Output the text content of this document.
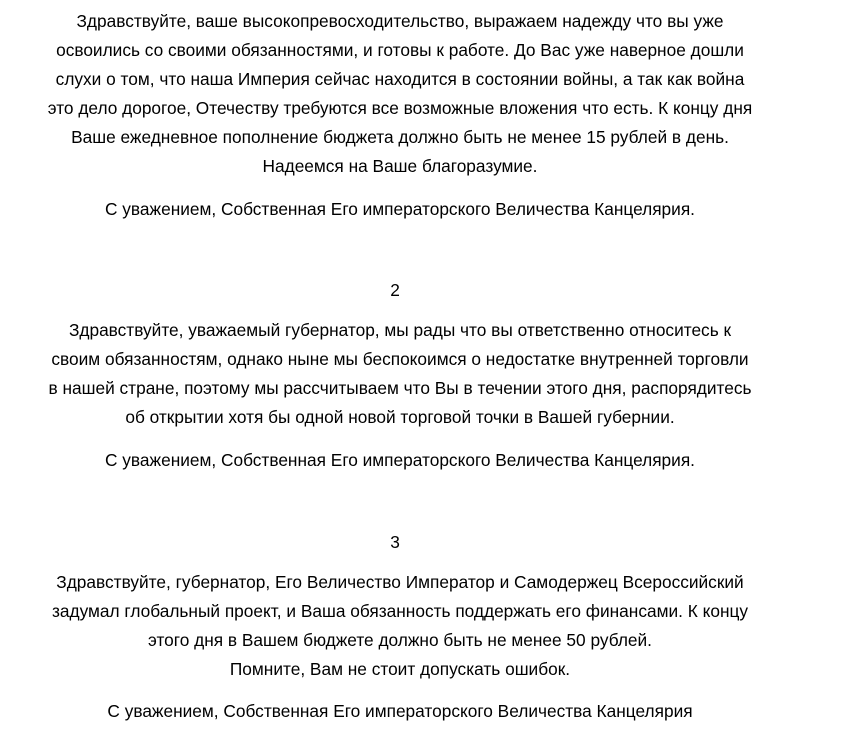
Здравствуйте, ваше высокопревосходительство, выражаем надежду что вы уже
освоились со своими обязанностями, и готовы к работе. До Вас уже наверное дошли
слухи о том, что наша Империя сейчас находится в состоянии войны, а так как война
это дело дорогое, Отечеству требуются все возможные вложения что есть. К концу дня
Ваше ежедневное пополнение бюджета должно быть не менее 15 рублей в день.
Надеемся на Ваше благоразумие.

С уважением, Собственная Его императорского Величества Канцелярия.
2

Здравствуйте, уважаемый губернатор, мы рады что вы ответственно относитесь к
своим обязанностям, однако ныне мы беспокоимся о недостатке внутренней торговли
в нашей стране, поэтому мы рассчитываем что Вы в течении этого дня, распорядитесь
об открытии хотя бы одной новой торговой точки в Вашей губернии.

С уважением, Собственная Его императорского Величества Канцелярия.
3

Здравствуйте, губернатор, Его Величество Император и Самодержец Всероссийский
задумал глобальный проект, и Ваша обязанность поддержать его финансами. К концу
этого дня в Вашем бюджете должно быть не менее 50 рублей.
Помните, Вам не стоит допускать ошибок.

С уважением, Собственная Его императорского Величества Канцелярия
